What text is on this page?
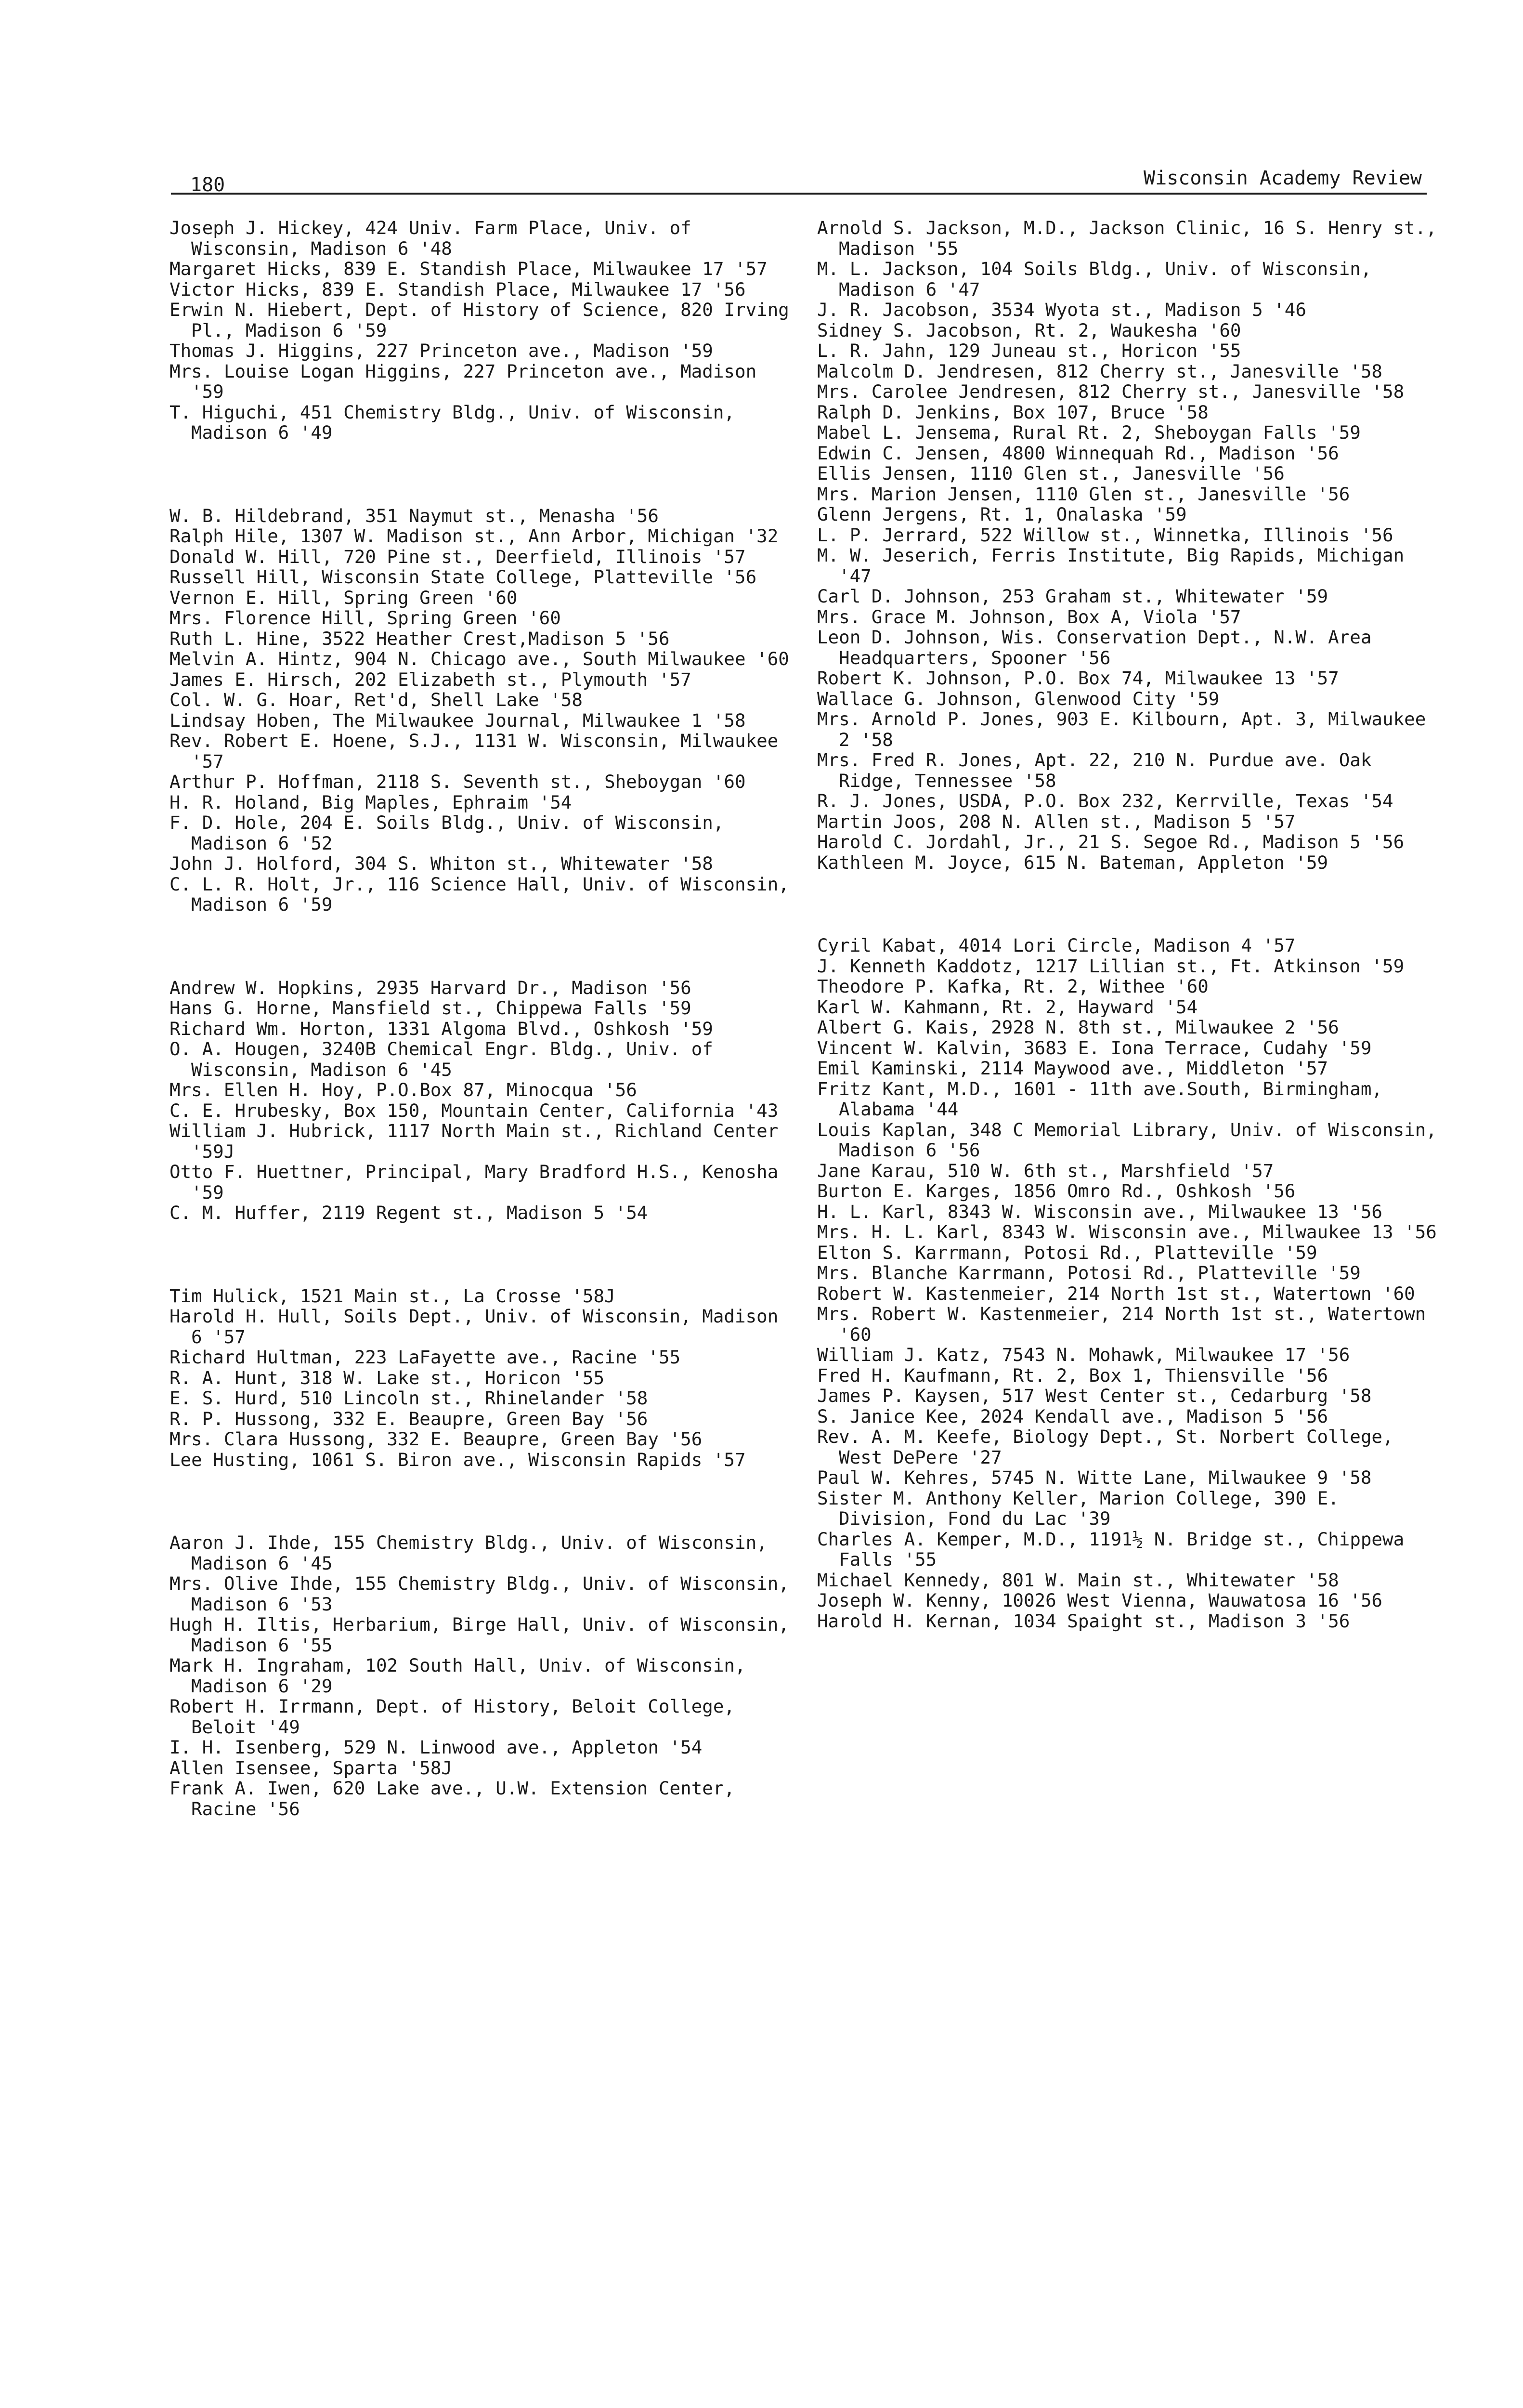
180	Wisconsin Academy Review
Joseph J. Hickey, 424 Univ. Farm Place, Univ. of Wisconsin, Madison 6 '48
Margaret Hicks, 839 E. Standish Place, Milwaukee 17 '57
Victor Hicks, 839 E. Standish Place, Milwaukee 17 '56
Erwin N. Hiebert, Dept. of History of Science, 820 Irving Pl., Madison 6 '59
Thomas J. Higgins, 227 Princeton ave., Madison '59
Mrs. Louise Logan Higgins, 227 Princeton ave., Madison '59
T. Higuchi, 451 Chemistry Bldg., Univ. of Wisconsin, Madison 6 '49
W. B. Hildebrand, 351 Naymut st., Menasha '56
Ralph Hile, 1307 W. Madison st., Ann Arbor, Michigan '32
Donald W. Hill, 720 Pine st., Deerfield, Illinois '57
Russell Hill, Wisconsin State College, Platteville '56
Vernon E. Hill, Spring Green '60
Mrs. Florence Hill, Spring Green '60
Ruth L. Hine, 3522 Heather Crest,Madison 5 '56
Melvin A. Hintz, 904 N. Chicago ave., South Milwaukee '60
James E. Hirsch, 202 Elizabeth st., Plymouth '57
Col. W. G. Hoar, Ret'd, Shell Lake '58
Lindsay Hoben, The Milwaukee Journal, Milwaukee 1 '58
Rev. Robert E. Hoene, S.J., 1131 W. Wisconsin, Milwaukee '57
Arthur P. Hoffman, 2118 S. Seventh st., Sheboygan '60
H. R. Holand, Big Maples, Ephraim '54
F. D. Hole, 204 E. Soils Bldg., Univ. of Wisconsin, Madison 6 '52
John J. Holford, 304 S. Whiton st., Whitewater '58
C. L. R. Holt, Jr., 116 Science Hall, Univ. of Wisconsin, Madison 6 '59
Andrew W. Hopkins, 2935 Harvard Dr., Madison '56
Hans G. Horne, Mansfield st., Chippewa Falls '59
Richard Wm. Horton, 1331 Algoma Blvd., Oshkosh '59
O. A. Hougen, 3240B Chemical Engr. Bldg., Univ. of Wisconsin, Madison 6 '45
Mrs. Ellen H. Hoy, P.O.Box 87, Minocqua '56
C. E. Hrubesky, Box 150, Mountain Center, California '43
William J. Hubrick, 1117 North Main st., Richland Center '59J
Otto F. Huettner, Principal, Mary Bradford H.S., Kenosha '59
C. M. Huffer, 2119 Regent st., Madison 5 '54
Tim Hulick, 1521 Main st., La Crosse '58J
Harold H. Hull, Soils Dept., Univ. of Wisconsin, Madison 6 '57
Richard Hultman, 223 LaFayette ave., Racine '55
R. A. Hunt, 318 W. Lake st., Horicon '55
E. S. Hurd, 510 Lincoln st., Rhinelander '58
R. P. Hussong, 332 E. Beaupre, Green Bay '56
Mrs. Clara Hussong, 332 E. Beaupre, Green Bay '56
Lee Husting, 1061 S. Biron ave., Wisconsin Rapids '57
Aaron J. Ihde, 155 Chemistry Bldg., Univ. of Wisconsin, Madison 6 '45
Mrs. Olive Ihde, 155 Chemistry Bldg., Univ. of Wisconsin, Madison 6 '53
Hugh H. Iltis, Herbarium, Birge Hall, Univ. of Wisconsin, Madison 6 '55
Mark H. Ingraham, 102 South Hall, Univ. of Wisconsin, Madison 6 '29
Robert H. Irrmann, Dept. of History, Beloit College, Beloit '49
I. H. Isenberg, 529 N. Linwood ave., Appleton '54
Allen Isensee, Sparta '58J
Frank A. Iwen, 620 Lake ave., U.W. Extension Center, Racine '56
Arnold S. Jackson, M.D., Jackson Clinic, 16 S. Henry st., Madison '55
M. L. Jackson, 104 Soils Bldg., Univ. of Wisconsin, Madison 6 '47
J. R. Jacobson, 3534 Wyota st., Madison 5 '46
Sidney S. Jacobson, Rt. 2, Waukesha '60
L. R. Jahn, 129 Juneau st., Horicon '55
Malcolm D. Jendresen, 812 Cherry st., Janesville '58
Mrs. Carolee Jendresen, 812 Cherry st., Janesville '58
Ralph D. Jenkins, Box 107, Bruce '58
Mabel L. Jensema, Rural Rt. 2, Sheboygan Falls '59
Edwin C. Jensen, 4800 Winnequah Rd., Madison '56
Ellis Jensen, 1110 Glen st., Janesville '56
Mrs. Marion Jensen, 1110 Glen st., Janesville '56
Glenn Jergens, Rt. 1, Onalaska '59
L. P. Jerrard, 522 Willow st., Winnetka, Illinois '56
M. W. Jeserich, Ferris Institute, Big Rapids, Michigan '47
Carl D. Johnson, 253 Graham st., Whitewater '59
Mrs. Grace M. Johnson, Box A, Viola '57
Leon D. Johnson, Wis. Conservation Dept., N.W. Area Headquarters, Spooner '56
Robert K. Johnson, P.O. Box 74, Milwaukee 13 '57
Wallace G. Johnson, Glenwood City '59
Mrs. Arnold P. Jones, 903 E. Kilbourn, Apt. 3, Milwaukee 2 '58
Mrs. Fred R. Jones, Apt. 22, 210 N. Purdue ave. Oak Ridge, Tennessee '58
R. J. Jones, USDA, P.O. Box 232, Kerrville, Texas '54
Martin Joos, 208 N. Allen st., Madison 5 '57
Harold C. Jordahl, Jr., 21 S. Segoe Rd., Madison 5 '56
Kathleen M. Joyce, 615 N. Bateman, Appleton '59
Cyril Kabat, 4014 Lori Circle, Madison 4 '57
J. Kenneth Kaddotz, 1217 Lillian st., Ft. Atkinson '59
Theodore P. Kafka, Rt. 2, Withee '60
Karl W. Kahmann, Rt. 2, Hayward '54
Albert G. Kais, 2928 N. 8th st., Milwaukee 2 '56
Vincent W. Kalvin, 3683 E. Iona Terrace, Cudahy '59
Emil Kaminski, 2114 Maywood ave., Middleton '57
Fritz Kant, M.D., 1601 - 11th ave.South, Birmingham, Alabama '44
Louis Kaplan, 348 C Memorial Library, Univ. of Wisconsin, Madison 6 '56
Jane Karau, 510 W. 6th st., Marshfield '57
Burton E. Karges, 1856 Omro Rd., Oshkosh '56
H. L. Karl, 8343 W. Wisconsin ave., Milwaukee 13 '56
Mrs. H. L. Karl, 8343 W. Wisconsin ave., Milwaukee 13 '56
Elton S. Karrmann, Potosi Rd., Platteville '59
Mrs. Blanche Karrmann, Potosi Rd., Platteville '59
Robert W. Kastenmeier, 214 North 1st st., Watertown '60
Mrs. Robert W. Kastenmeier, 214 North 1st st., Watertown '60
William J. Katz, 7543 N. Mohawk, Milwaukee 17 '56
Fred H. Kaufmann, Rt. 2, Box 1, Thiensville '56
James P. Kaysen, 517 West Center st., Cedarburg '58
S. Janice Kee, 2024 Kendall ave., Madison 5 '56
Rev. A. M. Keefe, Biology Dept., St. Norbert College, West DePere '27
Paul W. Kehres, 5745 N. Witte Lane, Milwaukee 9 '58
Sister M. Anthony Keller, Marion College, 390 E. Division, Fond du Lac '39
Charles A. Kemper, M.D., 1191½ N. Bridge st., Chippewa Falls '55
Michael Kennedy, 801 W. Main st., Whitewater '58
Joseph W. Kenny, 10026 West Vienna, Wauwatosa 16 '56
Harold H. Kernan, 1034 Spaight st., Madison 3 '56
